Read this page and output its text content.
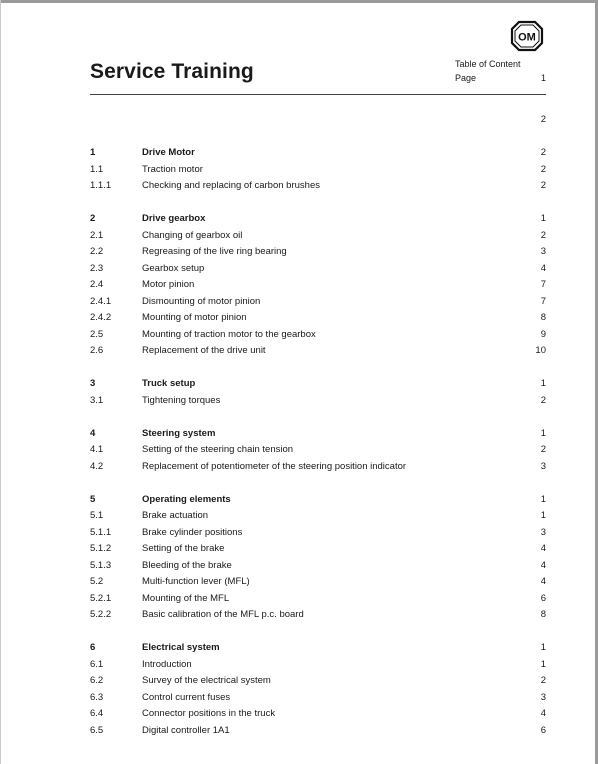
OM
Service Training	Table of Content
Page	1
2
1	Drive Motor	2
1.1	Traction motor	2
1.1.1	Checking and replacing of carbon brushes	2
2	Drive gearbox	1
2.1	Changing of gearbox oil	2
2.2	Regreasing of the live ring bearing	3
2.3	Gearbox setup	4
2.4	Motor pinion	7
2.4.1	Dismounting of motor pinion	7
2.4.2	Mounting of motor pinion	8
2.5	Mounting of traction motor to the gearbox	9
2.6	Replacement of the drive unit	10
3	Truck setup	1
3.1	Tightening torques	2
4	Steering system	1
4.1	Setting of the steering chain tension	2
4.2	Replacement of potentiometer of the steering position indicator	3
5	Operating elements	1
5.1	Brake actuation	1
5.1.1	Brake cylinder positions	3
5.1.2	Setting of the brake	4
5.1.3	Bleeding of the brake	4
5.2	Multi-function lever (MFL)	4
5.2.1	Mounting of the MFL	6
5.2.2	Basic calibration of the MFL p.c. board	8
6	Electrical system	1
6.1	Introduction	1
6.2	Survey of the electrical system	2
6.3	Control current fuses	3
6.4	Connector positions in the truck	4
6.5	Digital controller 1A1	6
